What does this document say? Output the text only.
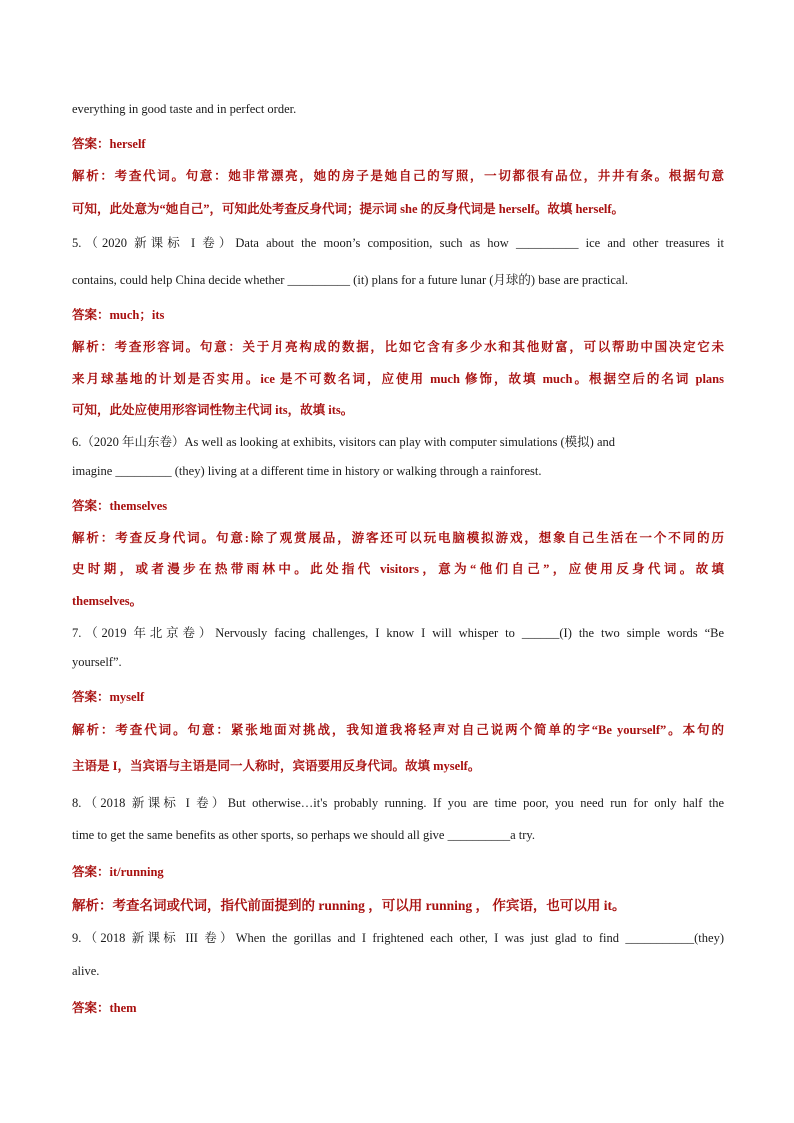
everything in good taste and in perfect order.
答案：herself
解析：考查代词。句意：她非常漂亮，她的房子是她自己的写照，一切都很有品位，井井有条。根据句意
可知，此处意为“她自己”，可知此处考查反身代词；提示词 she 的反身代词是 herself。故填 herself。
5.（2020 新课标 I 卷）Data about the moon’s composition, such as how __________ ice and other treasures it
contains, could help China decide whether __________ (it) plans for a future lunar (月球的) base are practical.
答案：much；its
解析：考查形容词。句意：关于月亮构成的数据，比如它含有多少水和其他财富，可以帮助中国决定它未
来月球基地的计划是否实用。ice 是不可数名词，应使用 much 修饰，故填 much。根据空后的名词 plans
可知，此处应使用形容词性物主代词 its，故填 its。
6.（2020 年山东卷）As well as looking at exhibits, visitors can play with computer simulations (模拟) and
imagine _________ (they) living at a different time in history or walking through a rainforest.
答案：themselves
解析：考查反身代词。句意:除了观赏展品，游客还可以玩电脑模拟游戏，想象自己生活在一个不同的历
史时期，或者漫步在热带雨林中。此处指代 visitors，意为“他们自己”，应使用反身代词。故填
themselves。
7.（2019 年北京卷）Nervously facing challenges, I know I will whisper to ______(I) the two simple words “Be
yourself”.
答案：myself
解析：考查代词。句意：紧张地面对挑战，我知道我将轻声对自己说两个简单的字“Be yourself”。本句的
主语是 I，当宾语与主语是同一人称时，宾语要用反身代词。故填 myself。
8.（2018 新课标 I 卷）But otherwise…it's probably running. If you are time poor, you need run for only half the
time to get the same benefits as other sports, so perhaps we should all give __________a try.
答案：it/running
解析：考查名词或代词，指代前面提到的 running ，可以用 running ， 作宾语，也可以用 it。
9.（2018 新课标 III 卷）When the gorillas and I frightened each other, I was just glad to find ___________(they)
alive.
答案：them
